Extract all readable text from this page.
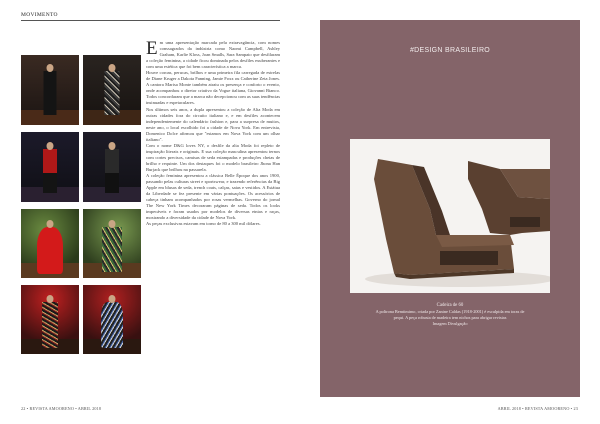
MOVIMENTO

Em uma apresentação marcada pela extravagância, com nomes conssagrados da indústria como Naomi Campbell, Ashley Graham, Karlie Kloss, Joan Smalls, Sara Sampaio que desfilaram a coleção feminina, a cidade ficou dominada pelos desfiles exuberantes e com uma estética que foi bem característica a marca.

Houve coroas, perucas, brilhos e uma primeira fila carregada de estrelas de Diane Kruger a Dakota Fanning, Jamie Foxx ou Catherine Zeta Jones. A cantora Marisa Monte também atraiu os presença e conforto o evento, onde acompanhou o diretor criativo da Vogue italiana, Giovanni Bianco. Todos concordaram que a marca não decepcionou com as suas tendências insinuadas e espetaculares.

Nos últimos seis anos, a dupla apresentou a coleção de Alta Moda em outras cidades fora do circuito italiano e, e em desfiles acontecem independentemente do calendário fashion e, para a surpresa de muitos, neste ano, o local escolhido foi a cidade de Nova York. Em entrevista, Domenico Dolce afirmou que "estamos em Nova York com um olhar italiano".

Com o nome D&G loves NY, o desfile da alta Moda foi repleto de inspiração literais e originais. E sua coleção masculina apresentou ternos com cortes precisos, camisas de seda estampadas e produções cheias de brilho e requinte. Um dos destaques foi o modelo brasileiro Jhona Han Burjack que brilhou na passarela.

A coleção feminina apresentou a clássica Belle Époque dos anos 1900, passando pelas culturas street e sportswear, e trazendo referências da Big Apple em blusas de seda, trench coats, calças, saias e vestidos. A Estátua da Liberdade se fez presente em várias pontuações. Os acessórios de cabeça tinham acompanhados por rosas vermelhas. Governo do jornal The New York Times decoraram páginas de seda. Todos os looks impecáveis e foram usados por modelos de diversas etnias e raças, mostrando a diversidade da cidade de Nova York.

As peças exclusivas estavam em torno de 80 a 300 mil dólares.

22 • REVISTA AMOORENO • ABRIL 2018
#DESIGN BRASILEIRO
Cadeira de 60
A poltrona Bemtimimo, criada por Zanine Caldas (1918-2001) é esculpida em toras de
pequi. A peça robusta de madeira tem nichos para abrigar revistas
Imagem Divulgação
ABRIL 2018 • REVISTA AMOORENO • 23
